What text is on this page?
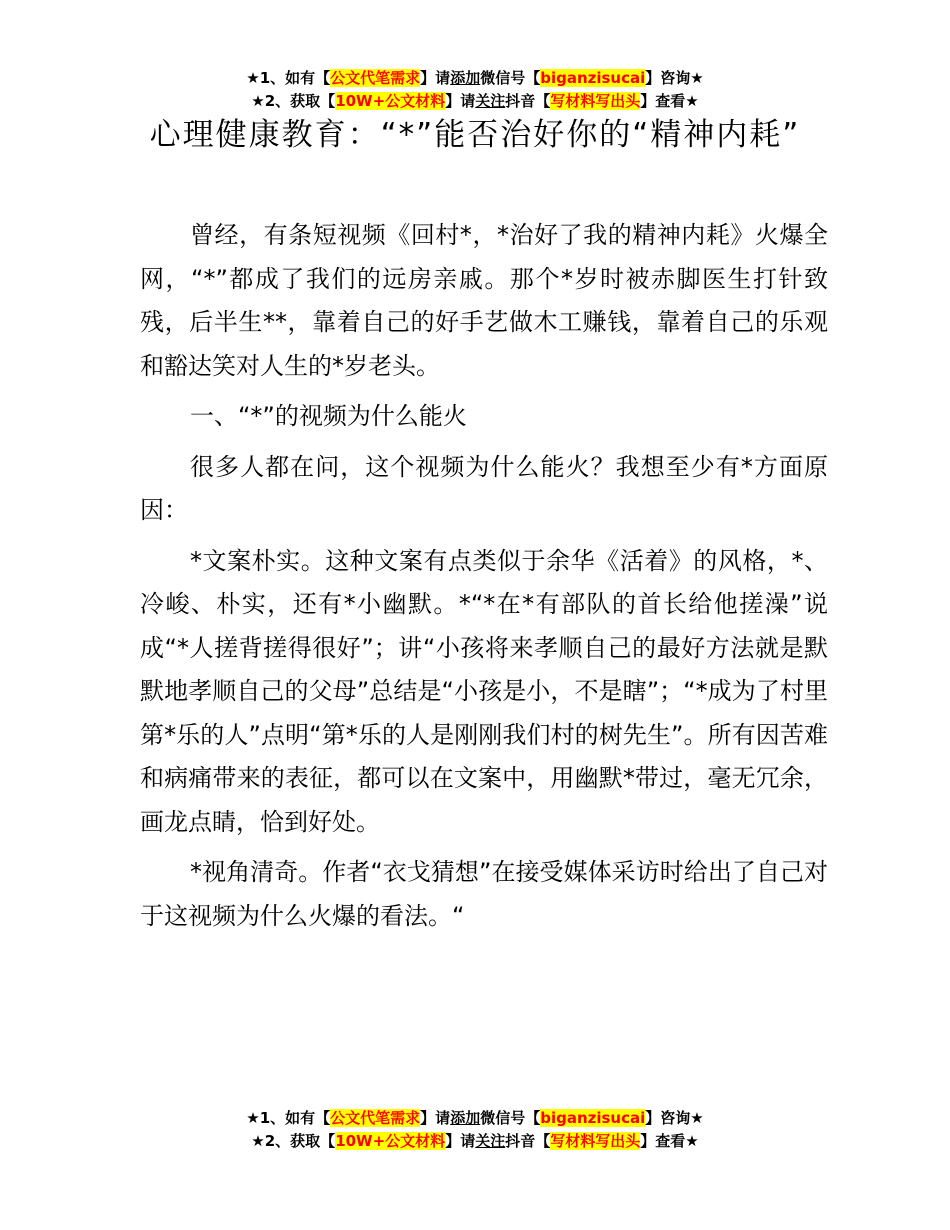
★1、如有【公文代笔需求】请添加微信号【biganzisucai】咨询★
★2、获取【10W+公文材料】请关注抖音【写材料写出头】查看★
心理健康教育：“*”能否治好你的“精神内耗”

曾经，有条短视频《回村*，*治好了我的精神内耗》火爆全网，“*”都成了我们的远房亲戚。那个*岁时被赤脚医生打针致残，后半生**，靠着自己的好手艺做木工赚钱，靠着自己的乐观和豁达笑对人生的*岁老头。

一、“*”的视频为什么能火

很多人都在问，这个视频为什么能火？我想至少有*方面原因：

*文案朴实。这种文案有点类似于余华《活着》的风格，*、冷峻、朴实，还有*小幽默。*“*在*有部队的首长给他搓澡”说成“*人搓背搓得很好”；讲“小孩将来孝顺自己的最好方法就是默默地孝顺自己的父母”总结是“小孩是小，不是瞎”；“*成为了村里第*乐的人”点明“第*乐的人是刚刚我们村的树先生”。所有因苦难和病痛带来的表征，都可以在文案中，用幽默*带过，毫无冗余，画龙点睛，恰到好处。

*视角清奇。作者“衣戈猜想”在接受媒体采访时给出了自己对于这视频为什么火爆的看法。“

★1、如有【公文代笔需求】请添加微信号【biganzisucai】咨询★
★2、获取【10W+公文材料】请关注抖音【写材料写出头】查看★
